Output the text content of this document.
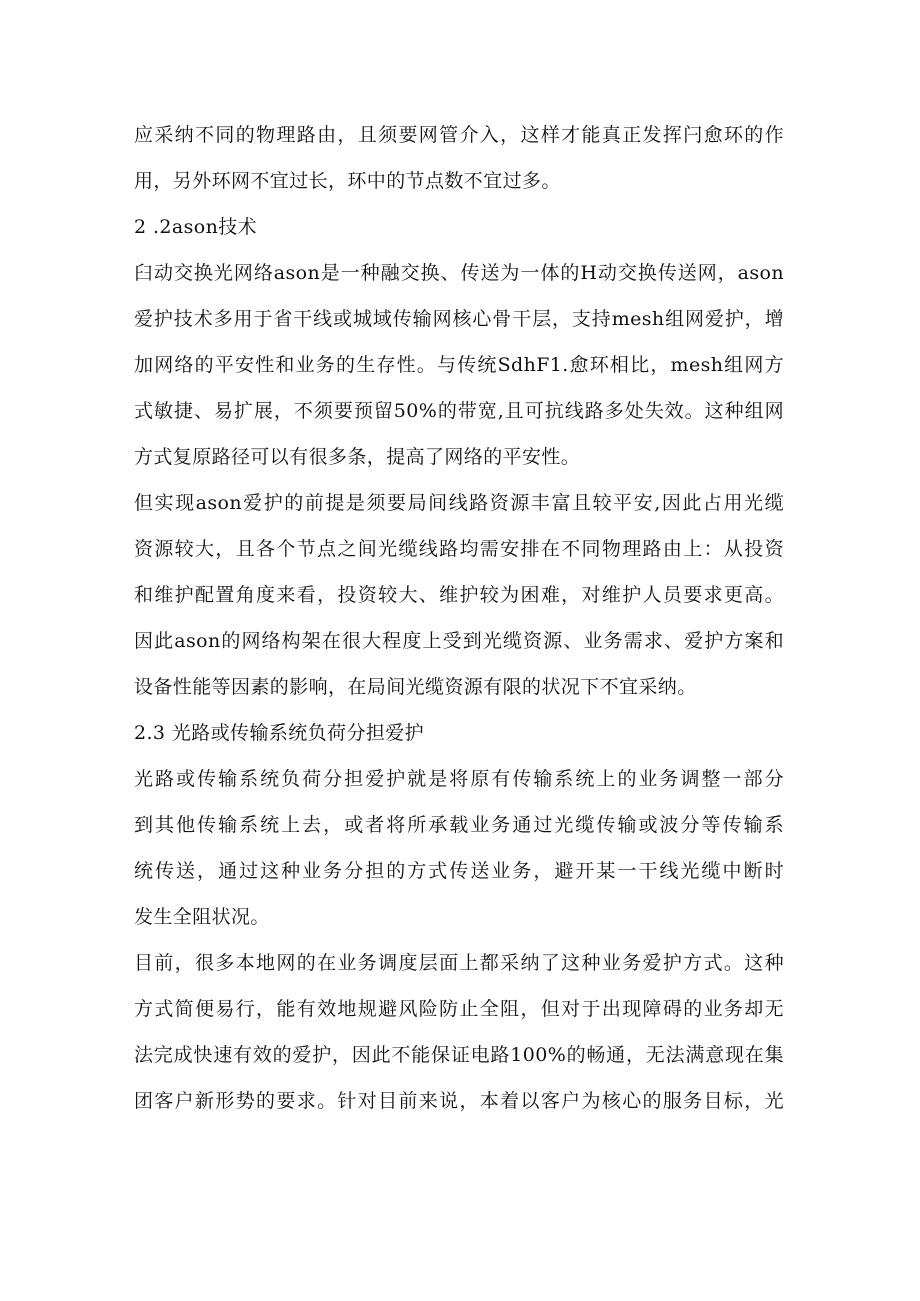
应采纳不同的物理路由，且须要网管介入，这样才能真正发挥闩愈环的作
用，另外环网不宜过长，环中的节点数不宜过多。
2 .2ason技术
臼动交换光网络ason是一种融交换、传送为一体的H动交换传送网，ason
爱护技术多用于省干线或城域传输网核心骨干层，支持mesh组网爱护，增
加网络的平安性和业务的生存性。与传统SdhF1.愈环相比，mesh组网方
式敏捷、易扩展，不须要预留50%的带宽,且可抗线路多处失效。这种组网
方式复原路径可以有很多条，提高了网络的平安性。
但实现ason爱护的前提是须要局间线路资源丰富且较平安,因此占用光缆
资源较大，且各个节点之间光缆线路均需安排在不同物理路由上：从投资
和维护配置角度来看，投资较大、维护较为困难，对维护人员要求更高。
因此ason的网络构架在很大程度上受到光缆资源、业务需求、爱护方案和
设备性能等因素的影响，在局间光缆资源有限的状况下不宜采纳。
2.3 光路或传输系统负荷分担爱护
光路或传输系统负荷分担爱护就是将原有传输系统上的业务调整一部分
到其他传输系统上去，或者将所承载业务通过光缆传输或波分等传输系
统传送，通过这种业务分担的方式传送业务，避开某一干线光缆中断时
发生全阻状况。
目前，很多本地网的在业务调度层面上都采纳了这种业务爱护方式。这种
方式简便易行，能有效地规避风险防止全阻，但对于出现障碍的业务却无
法完成快速有效的爱护，因此不能保证电路100%的畅通，无法满意现在集
团客户新形势的要求。针对目前来说，本着以客户为核心的服务目标，光
